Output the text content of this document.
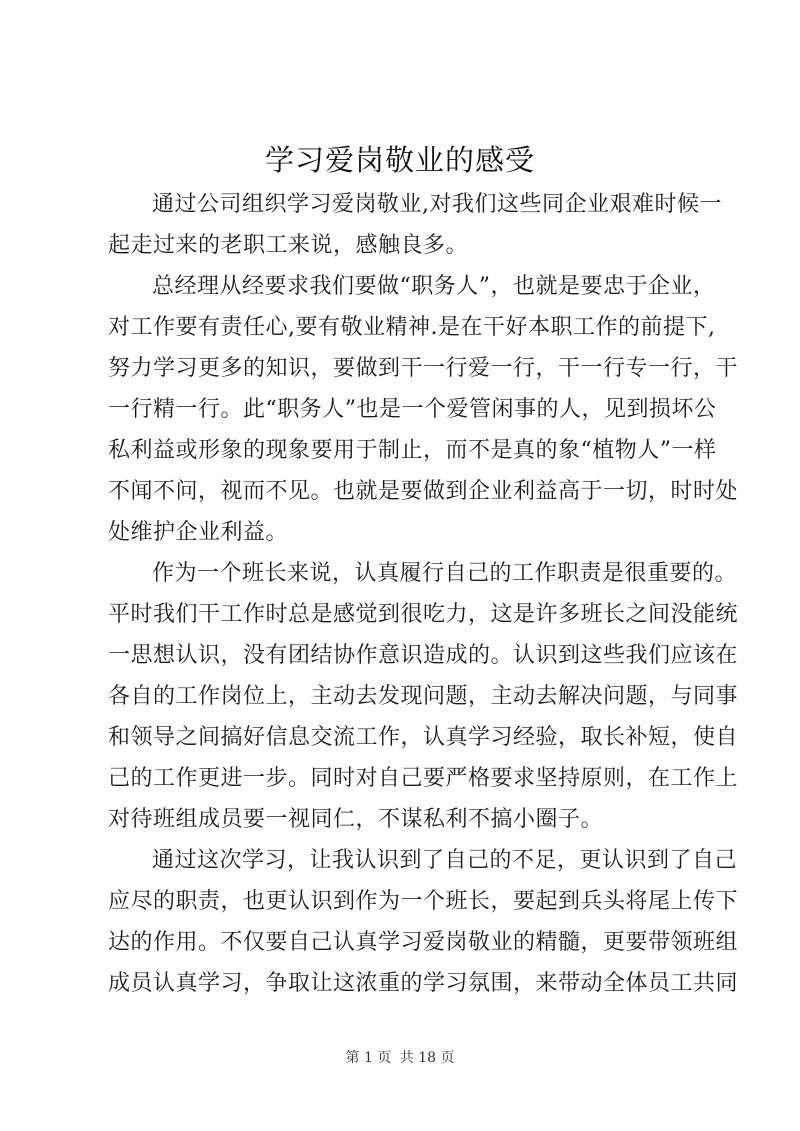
学习爱岗敬业的感受

通过公司组织学习爱岗敬业,对我们这些同企业艰难时候一
起走过来的老职工来说，感触良多。

总经理从经要求我们要做“职务人”，也就是要忠于企业，
对工作要有责任心,要有敬业精神.是在干好本职工作的前提下,
努力学习更多的知识，要做到干一行爱一行，干一行专一行，干
一行精一行。此“职务人”也是一个爱管闲事的人，见到损坏公
私利益或形象的现象要用于制止，而不是真的象“植物人”一样
不闻不问，视而不见。也就是要做到企业利益高于一切，时时处
处维护企业利益。

作为一个班长来说，认真履行自己的工作职责是很重要的。
平时我们干工作时总是感觉到很吃力，这是许多班长之间没能统
一思想认识，没有团结协作意识造成的。认识到这些我们应该在
各自的工作岗位上，主动去发现问题，主动去解决问题，与同事
和领导之间搞好信息交流工作，认真学习经验，取长补短，使自
己的工作更进一步。同时对自己要严格要求坚持原则，在工作上
对待班组成员要一视同仁，不谋私利不搞小圈子。

通过这次学习，让我认识到了自己的不足，更认识到了自己
应尽的职责，也更认识到作为一个班长，要起到兵头将尾上传下
达的作用。不仅要自己认真学习爱岗敬业的精髓，更要带领班组
成员认真学习，争取让这浓重的学习氛围，来带动全体员工共同

第 1 页 共 18 页
